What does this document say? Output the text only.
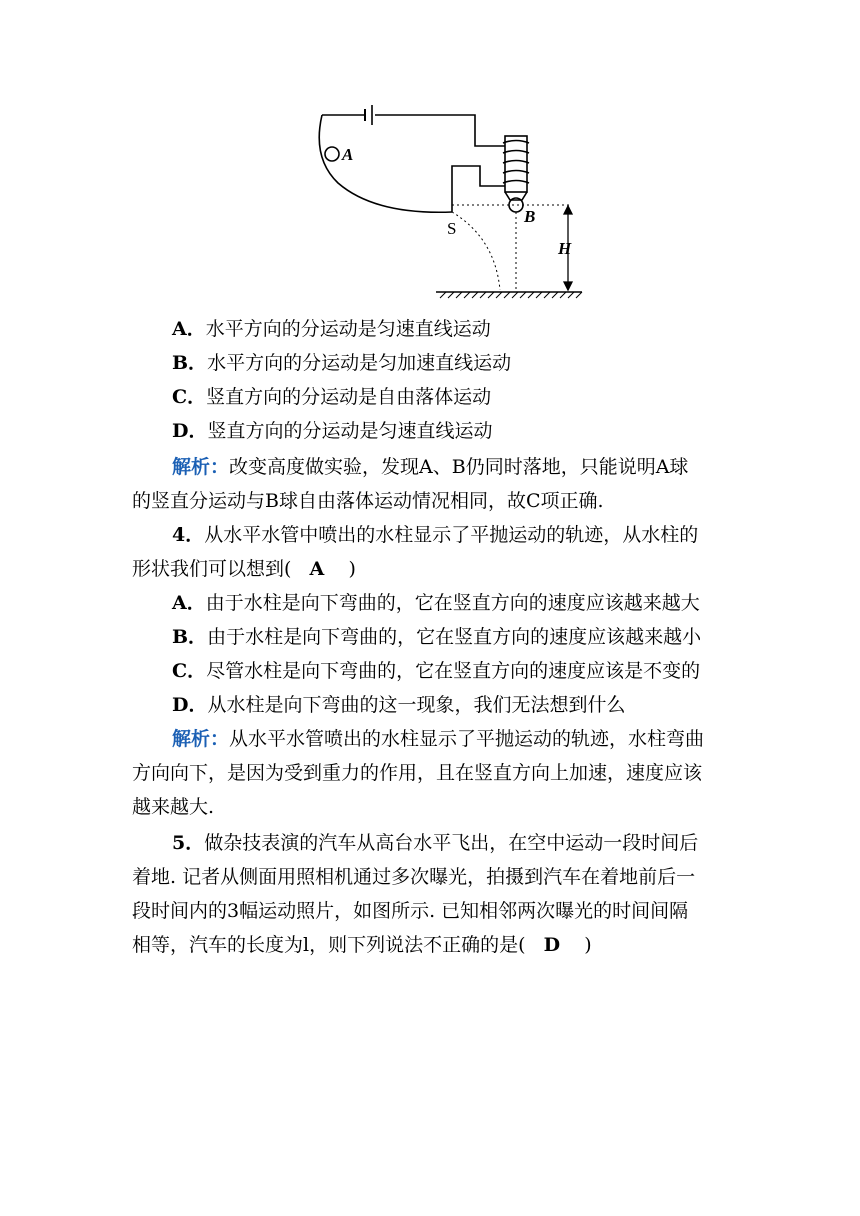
A
B
S
H
A．水平方向的分运动是匀速直线运动
B．水平方向的分运动是匀加速直线运动
C．竖直方向的分运动是自由落体运动
D．竖直方向的分运动是匀速直线运动
解析：改变高度做实验，发现A、B仍同时落地，只能说明A球
的竖直分运动与B球自由落体运动情况相同，故C项正确.
4．从水平水管中喷出的水柱显示了平抛运动的轨迹，从水柱的
形状我们可以想到( A )
A．由于水柱是向下弯曲的，它在竖直方向的速度应该越来越大
B．由于水柱是向下弯曲的，它在竖直方向的速度应该越来越小
C．尽管水柱是向下弯曲的，它在竖直方向的速度应该是不变的
D．从水柱是向下弯曲的这一现象，我们无法想到什么
解析：从水平水管喷出的水柱显示了平抛运动的轨迹，水柱弯曲
方向向下，是因为受到重力的作用，且在竖直方向上加速，速度应该
越来越大.
5．做杂技表演的汽车从高台水平飞出，在空中运动一段时间后
着地. 记者从侧面用照相机通过多次曝光，拍摄到汽车在着地前后一
段时间内的3幅运动照片，如图所示. 已知相邻两次曝光的时间间隔
相等，汽车的长度为l，则下列说法不正确的是( D )
